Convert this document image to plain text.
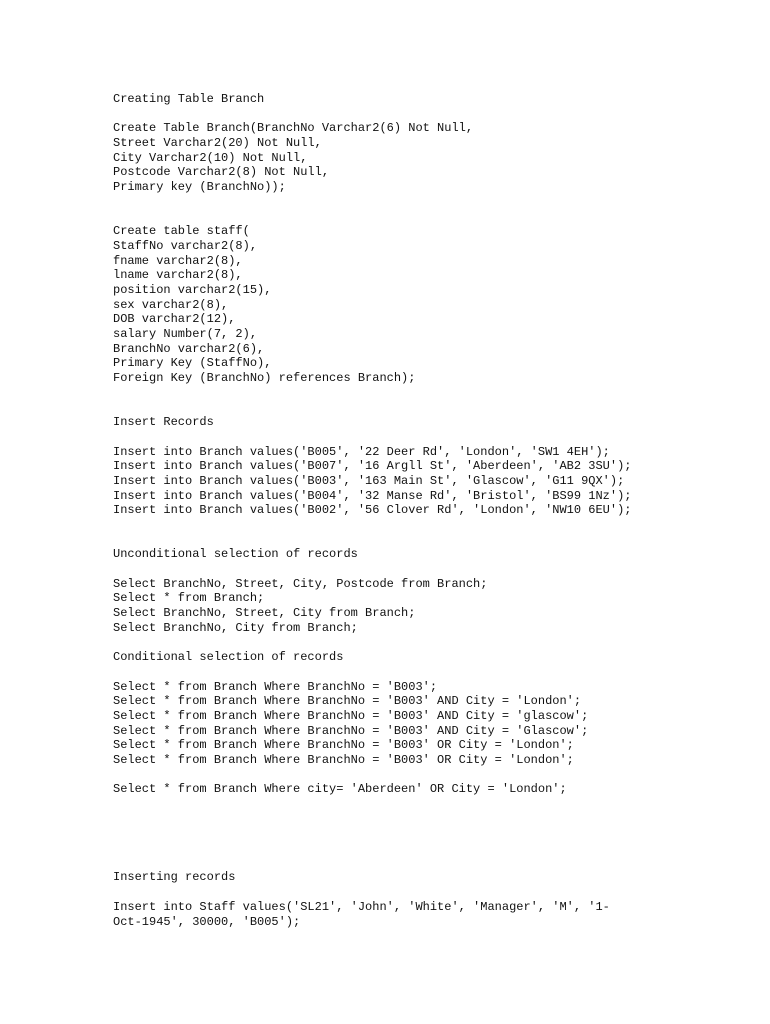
Creating Table Branch
Create Table Branch(BranchNo Varchar2(6) Not Null,
Street Varchar2(20) Not Null,
City Varchar2(10) Not Null,
Postcode Varchar2(8) Not Null,
Primary key (BranchNo));
Create table staff(
StaffNo varchar2(8),
fname varchar2(8),
lname varchar2(8),
position varchar2(15),
sex varchar2(8),
DOB varchar2(12),
salary Number(7, 2),
BranchNo varchar2(6),
Primary Key (StaffNo),
Foreign Key (BranchNo) references Branch);
Insert Records
Insert into Branch values('B005', '22 Deer Rd', 'London', 'SW1 4EH');
Insert into Branch values('B007', '16 Argll St', 'Aberdeen', 'AB2 3SU');
Insert into Branch values('B003', '163 Main St', 'Glascow', 'G11 9QX');
Insert into Branch values('B004', '32 Manse Rd', 'Bristol', 'BS99 1Nz');
Insert into Branch values('B002', '56 Clover Rd', 'London', 'NW10 6EU');
Unconditional selection of records
Select BranchNo, Street, City, Postcode from Branch;
Select * from Branch;
Select BranchNo, Street, City from Branch;
Select BranchNo, City from Branch;
Conditional selection of records
Select * from Branch Where BranchNo = 'B003';
Select * from Branch Where BranchNo = 'B003' AND City = 'London';
Select * from Branch Where BranchNo = 'B003' AND City = 'glascow';
Select * from Branch Where BranchNo = 'B003' AND City = 'Glascow';
Select * from Branch Where BranchNo = 'B003' OR City = 'London';
Select * from Branch Where BranchNo = 'B003' OR City = 'London';
Select * from Branch Where city= 'Aberdeen' OR City = 'London';
Inserting records
Insert into Staff values('SL21', 'John', 'White', 'Manager', 'M', '1-
Oct-1945', 30000, 'B005');
